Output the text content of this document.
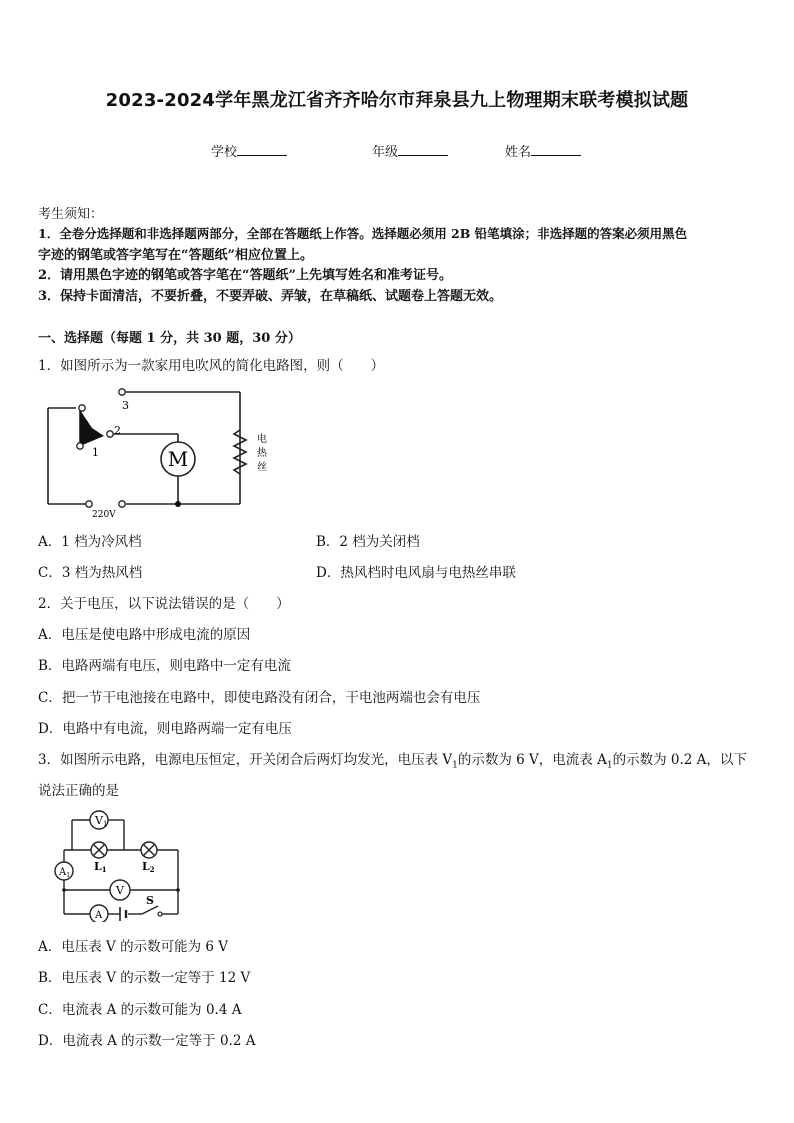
2023-2024学年黑龙江省齐齐哈尔市拜泉县九上物理期末联考模拟试题
学校	年级	姓名
考生须知：
1．全卷分选择题和非选择题两部分，全部在答题纸上作答。选择题必须用 2B 铅笔填涂；非选择题的答案必须用黑色
字迹的钢笔或答字笔写在“答题纸”相应位置上。
2．请用黑色字迹的钢笔或答字笔在“答题纸”上先填写姓名和准考证号。
3．保持卡面清洁，不要折叠，不要弄破、弄皱，在草稿纸、试题卷上答题无效。
一、选择题（每题 1 分，共 30 题，30 分）
1．如图所示为一款家用电吹风的简化电路图，则（　　）
M
3
2
1
电
热
丝
220V
A．1 档为冷风档	B．2 档为关闭档
C．3 档为热风档	D．热风档时电风扇与电热丝串联
2．关于电压，以下说法错误的是（　　）
A．电压是使电路中形成电流的原因
B．电路两端有电压，则电路中一定有电流
C．把一节干电池接在电路中，即使电路没有闭合，干电池两端也会有电压
D．电路中有电流，则电路两端一定有电压
3．如图所示电路，电源电压恒定，开关闭合后两灯均发光，电压表 $V_1$的示数为 6 V，电流表 $A_1$的示数为 0.2 A，以下
说法正确的是
V1
$A_1$
L1	L2
V
A
S
A．电压表 V 的示数可能为 6 V
B．电压表 V 的示数一定等于 12 V
C．电流表 A 的示数可能为 0.4 A
D．电流表 A 的示数一定等于 0.2 A
